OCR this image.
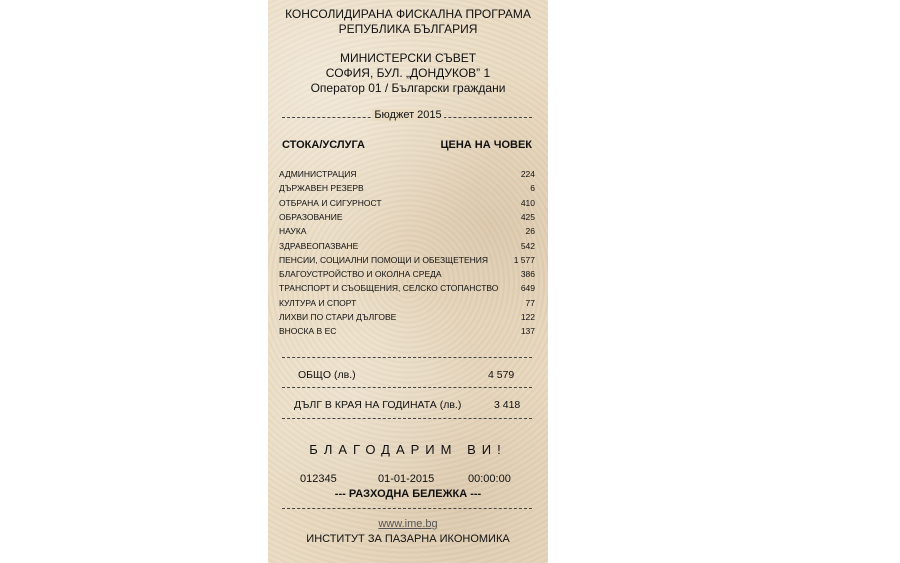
КОНСОЛИДИРАНА ФИСКАЛНА ПРОГРАМА
РЕПУБЛИКА БЪЛГАРИЯ
МИНИСТЕРСКИ СЪВЕТ
СОФИЯ, БУЛ. „ДОНДУКОВ” 1
Оператор 01 / Български граждани
Бюджет 2015
СТОКА/УСЛУГА	ЦЕНА НА ЧОВЕК
АДМИНИСТРАЦИЯ	224
ДЪРЖАВЕН РЕЗЕРВ	6
ОТБРАНА И СИГУРНОСТ	410
ОБРАЗОВАНИЕ	425
НАУКА	26
ЗДРАВЕОПАЗВАНЕ	542
ПЕНСИИ, СОЦИАЛНИ ПОМОЩИ И ОБЕЗЩЕТЕНИЯ	1 577
БЛАГОУСТРОЙСТВО И ОКОЛНА СРЕДА	386
ТРАНСПОРТ И СЪОБЩЕНИЯ, СЕЛСКО СТОПАНСТВО	649
КУЛТУРА И СПОРТ	77
ЛИХВИ ПО СТАРИ ДЪЛГОВЕ	122
ВНОСКА В ЕС	137
ОБЩО (лв.)	4 579
ДЪЛГ В КРАЯ НА ГОДИНАТА (лв.)	3 418
БЛАГОДАРИМ ВИ!
012345	01-01-2015	00:00:00
--- РАЗХОДНА БЕЛЕЖКА ---
www.ime.bg
ИНСТИТУТ ЗА ПАЗАРНА ИКОНОМИКА
